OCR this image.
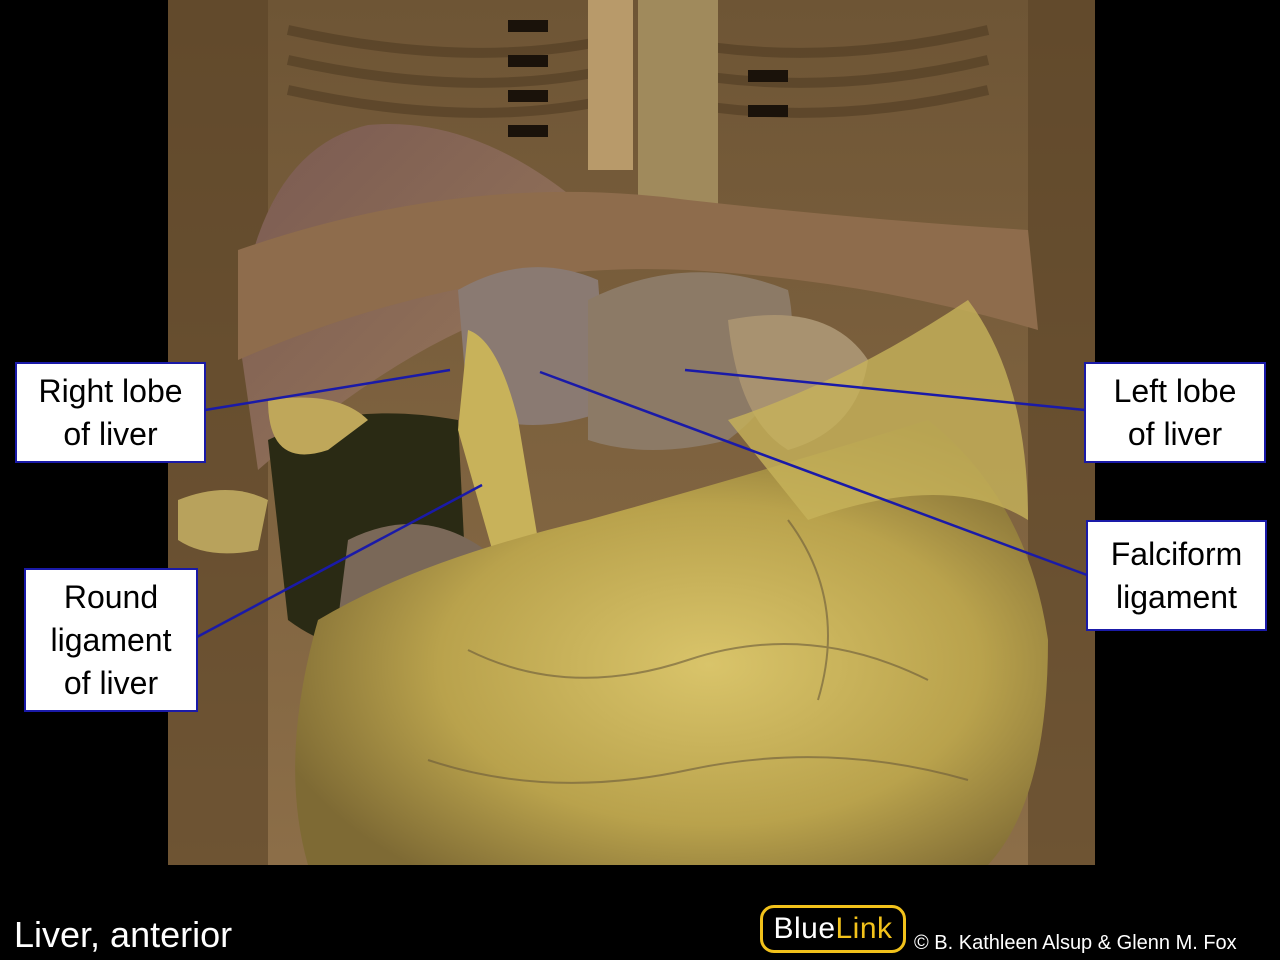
Right lobe
of liver
Left lobe
of liver
Falciform
ligament
Round
ligament
of liver
Liver, anterior	Blue Link © B. Kathleen Alsup & Glenn M. Fox
